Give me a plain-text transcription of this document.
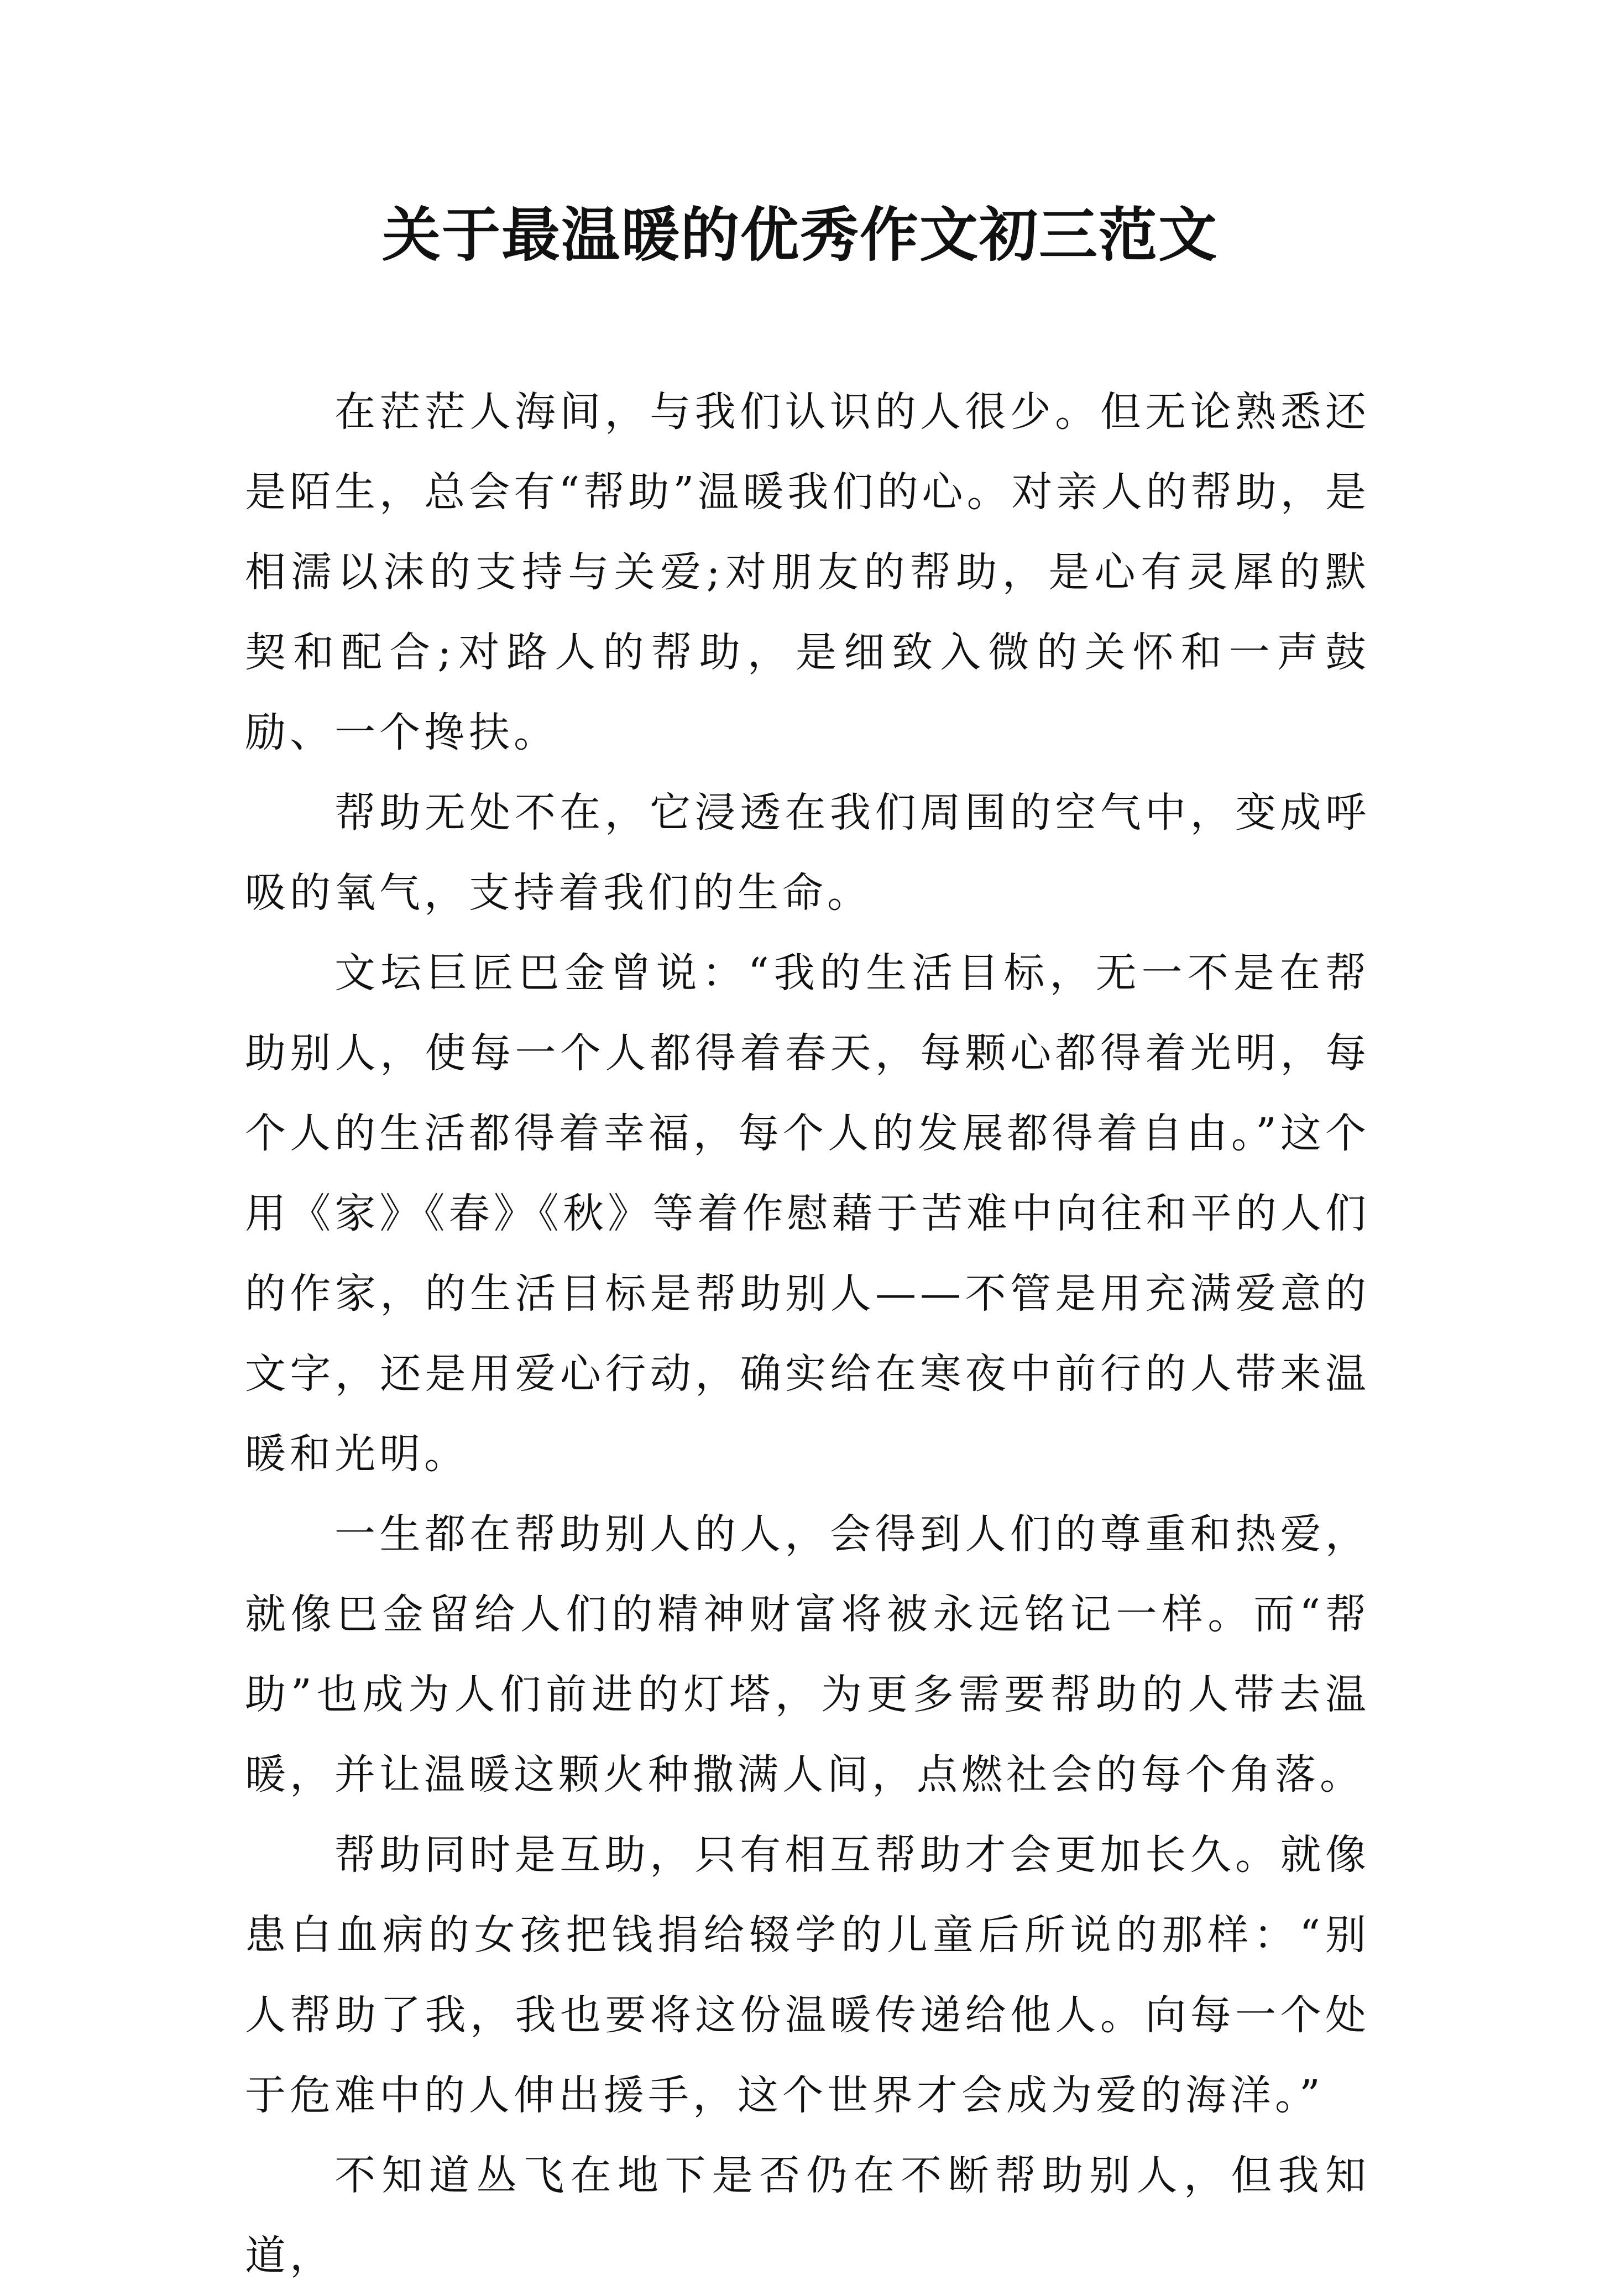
关于最温暖的优秀作文初三范文

在茫茫人海间，与我们认识的人很少。但无论熟悉还是陌生，总会有“帮助”温暖我们的心。对亲人的帮助，是相濡以沫的支持与关爱;对朋友的帮助，是心有灵犀的默契和配合;对路人的帮助，是细致入微的关怀和一声鼓励、一个搀扶。

帮助无处不在，它浸透在我们周围的空气中，变成呼吸的氧气，支持着我们的生命。

文坛巨匠巴金曾说：“我的生活目标，无一不是在帮助别人，使每一个人都得着春天，每颗心都得着光明，每个人的生活都得着幸福，每个人的发展都得着自由。”这个用《家》《春》《秋》等着作慰藉于苦难中向往和平的人们的作家，的生活目标是帮助别人——不管是用充满爱意的文字，还是用爱心行动，确实给在寒夜中前行的人带来温暖和光明。

一生都在帮助别人的人，会得到人们的尊重和热爱，就像巴金留给人们的精神财富将被永远铭记一样。而“帮助”也成为人们前进的灯塔，为更多需要帮助的人带去温暖，并让温暖这颗火种撒满人间，点燃社会的每个角落。

帮助同时是互助，只有相互帮助才会更加长久。就像患白血病的女孩把钱捐给辍学的儿童后所说的那样：“别人帮助了我，我也要将这份温暖传递给他人。向每一个处于危难中的人伸出援手，这个世界才会成为爱的海洋。”

不知道丛飞在地下是否仍在不断帮助别人，但我知道，
